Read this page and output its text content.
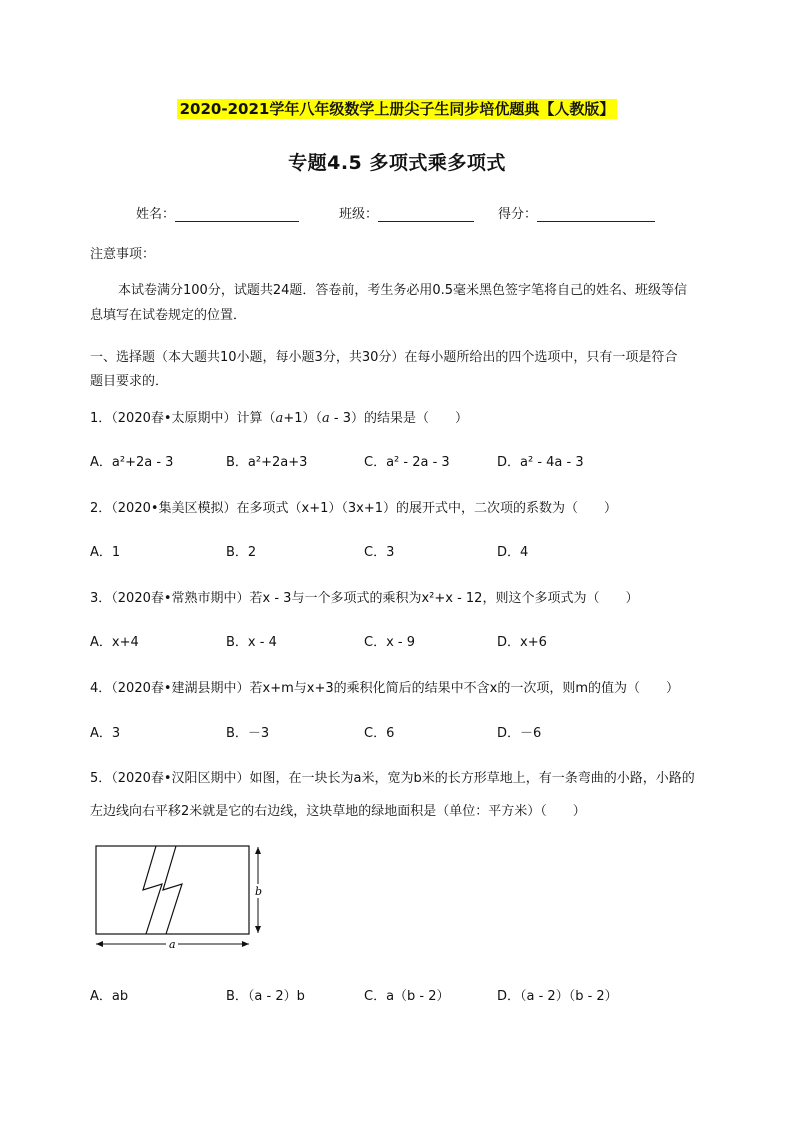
2020-2021学年八年级数学上册尖子生同步培优题典【人教版】
专题4.5 多项式乘多项式
姓名：	班级：	得分：
注意事项：
本试卷满分100分，试题共24题．答卷前，考生务必用0.5毫米黑色签字笔将自己的姓名、班级等信
息填写在试卷规定的位置．
一、选择题（本大题共10小题，每小题3分，共30分）在每小题所给出的四个选项中，只有一项是符合
题目要求的．
1．（2020春•太原期中）计算（a+1）（a - 3）的结果是（　　）
A．a²+2a - 3	B．a²+2a+3	C．a² - 2a - 3	D．a² - 4a - 3
2．（2020•集美区模拟）在多项式（x+1）（3x+1）的展开式中，二次项的系数为（　　）
A．1	B．2	C．3	D．4
3．（2020春•常熟市期中）若x - 3与一个多项式的乘积为x²+x - 12，则这个多项式为（　　）
A．x+4	B．x - 4	C．x - 9	D．x+6
4．（2020春•建湖县期中）若x+m与x+3的乘积化简后的结果中不含x的一次项，则m的值为（　　）
A．3	B．－3	C．6	D．－6
5．（2020春•汉阳区期中）如图，在一块长为a米，宽为b米的长方形草地上，有一条弯曲的小路，小路的
左边线向右平移2米就是它的右边线，这块草地的绿地面积是（单位：平方米）（　　）
b
a
A．ab	B．（a - 2）b	C．a（b - 2）	D．（a - 2）（b - 2）
